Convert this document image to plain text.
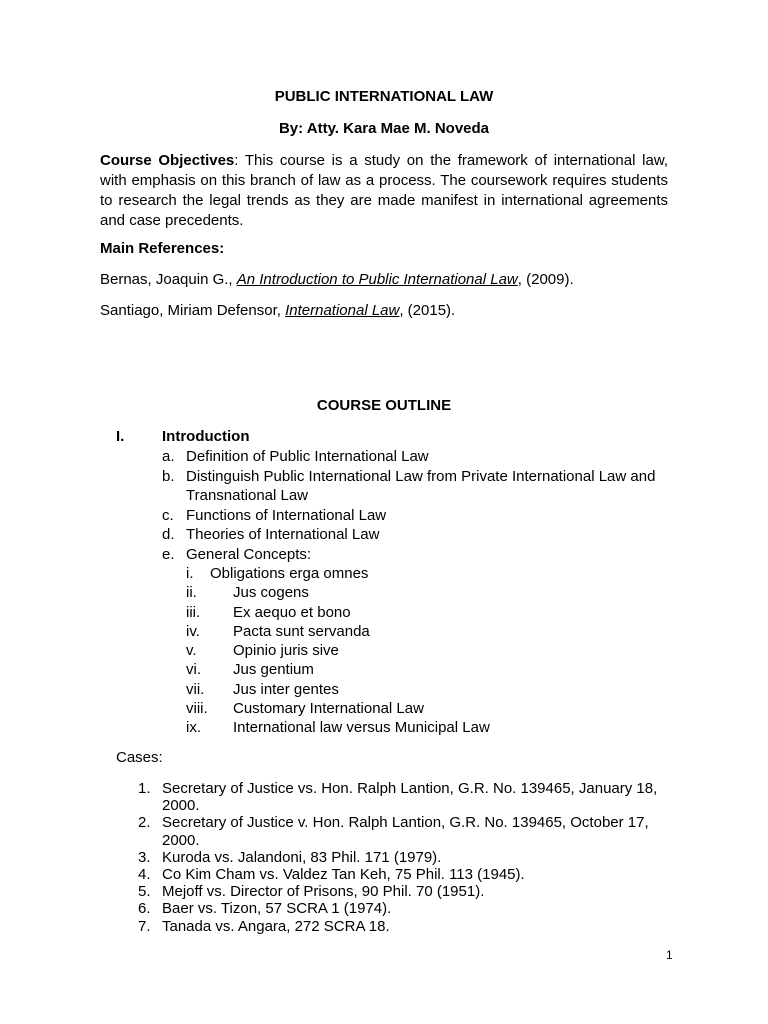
PUBLIC INTERNATIONAL LAW
By: Atty. Kara Mae M. Noveda
Course Objectives: This course is a study on the framework of international law, with emphasis on this branch of law as a process. The coursework requires students to research the legal trends as they are made manifest in international agreements and case precedents.
Main References:
Bernas, Joaquin G., An Introduction to Public International Law, (2009).
Santiago, Miriam Defensor, International Law, (2015).
COURSE OUTLINE
I.	Introduction
a. Definition of Public International Law
b. Distinguish Public International Law from Private International Law and Transnational Law
c. Functions of International Law
d. Theories of International Law
e. General Concepts:
i. Obligations erga omnes
ii. Jus cogens
iii. Ex aequo et bono
iv. Pacta sunt servanda
v. Opinio juris sive
vi. Jus gentium
vii. Jus inter gentes
viii. Customary International Law
ix. International law versus Municipal Law
Cases:
1. Secretary of Justice vs. Hon. Ralph Lantion, G.R. No. 139465, January 18, 2000.
2. Secretary of Justice v. Hon. Ralph Lantion, G.R. No. 139465, October 17, 2000.
3. Kuroda vs. Jalandoni, 83 Phil. 171 (1979).
4. Co Kim Cham vs. Valdez Tan Keh, 75 Phil. 113 (1945).
5. Mejoff vs. Director of Prisons, 90 Phil. 70 (1951).
6. Baer vs. Tizon, 57 SCRA 1 (1974).
7. Tanada vs. Angara, 272 SCRA 18.
1
